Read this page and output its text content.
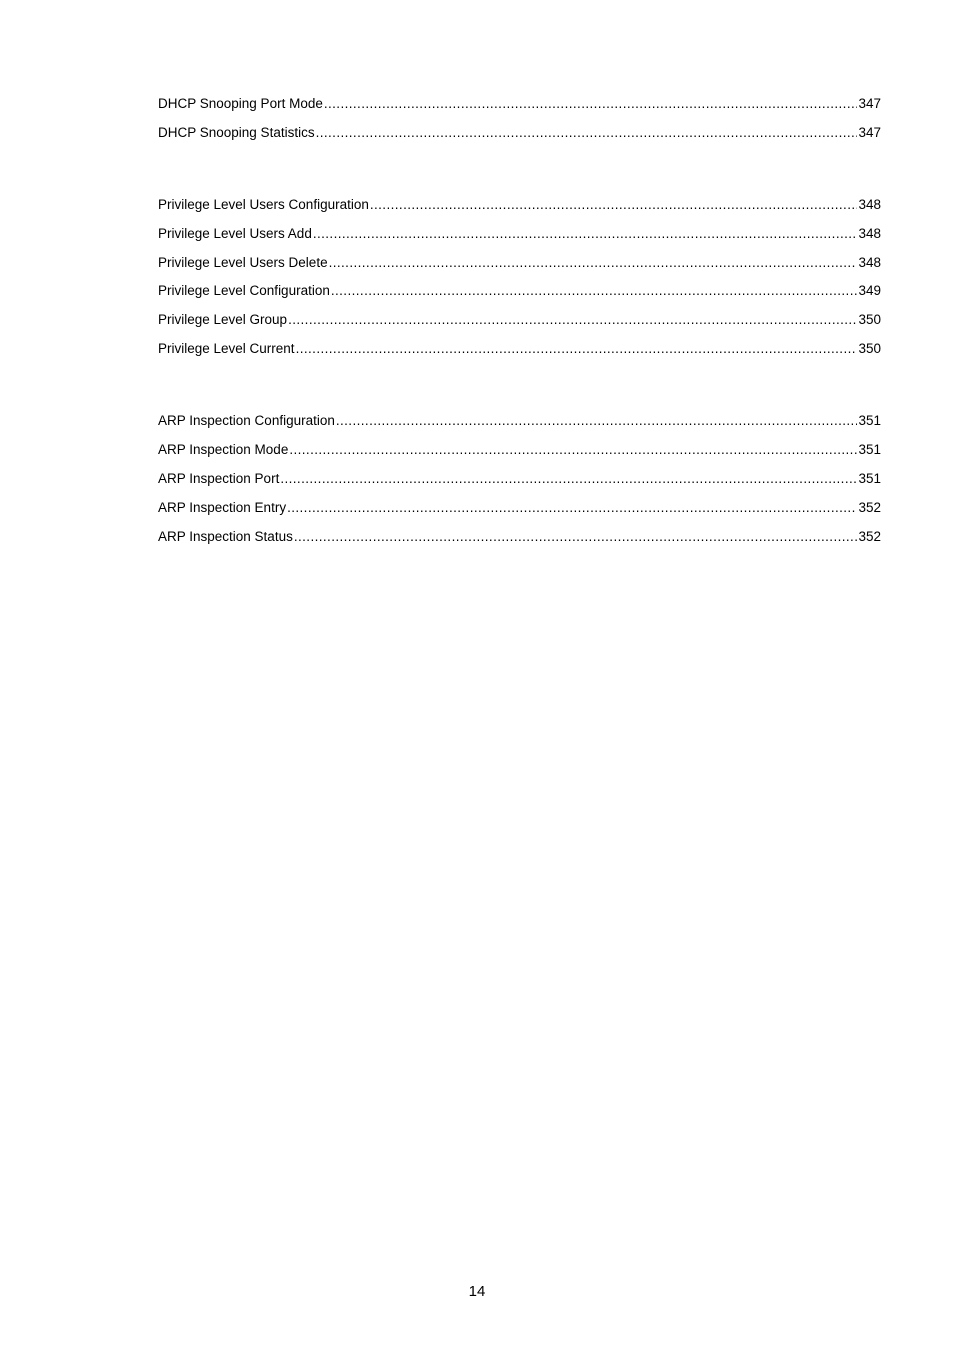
DHCP Snooping Port Mode .....	347
DHCP Snooping Statistics .....	347
Privilege Level Users Configuration .....	348
Privilege Level Users Add .....	348
Privilege Level Users Delete .....	348
Privilege Level Configuration .....	349
Privilege Level Group .....	350
Privilege Level Current .....	350
ARP Inspection Configuration .....	351
ARP Inspection Mode .....	351
ARP Inspection Port .....	351
ARP Inspection Entry .....	352
ARP Inspection Status .....	352
14
